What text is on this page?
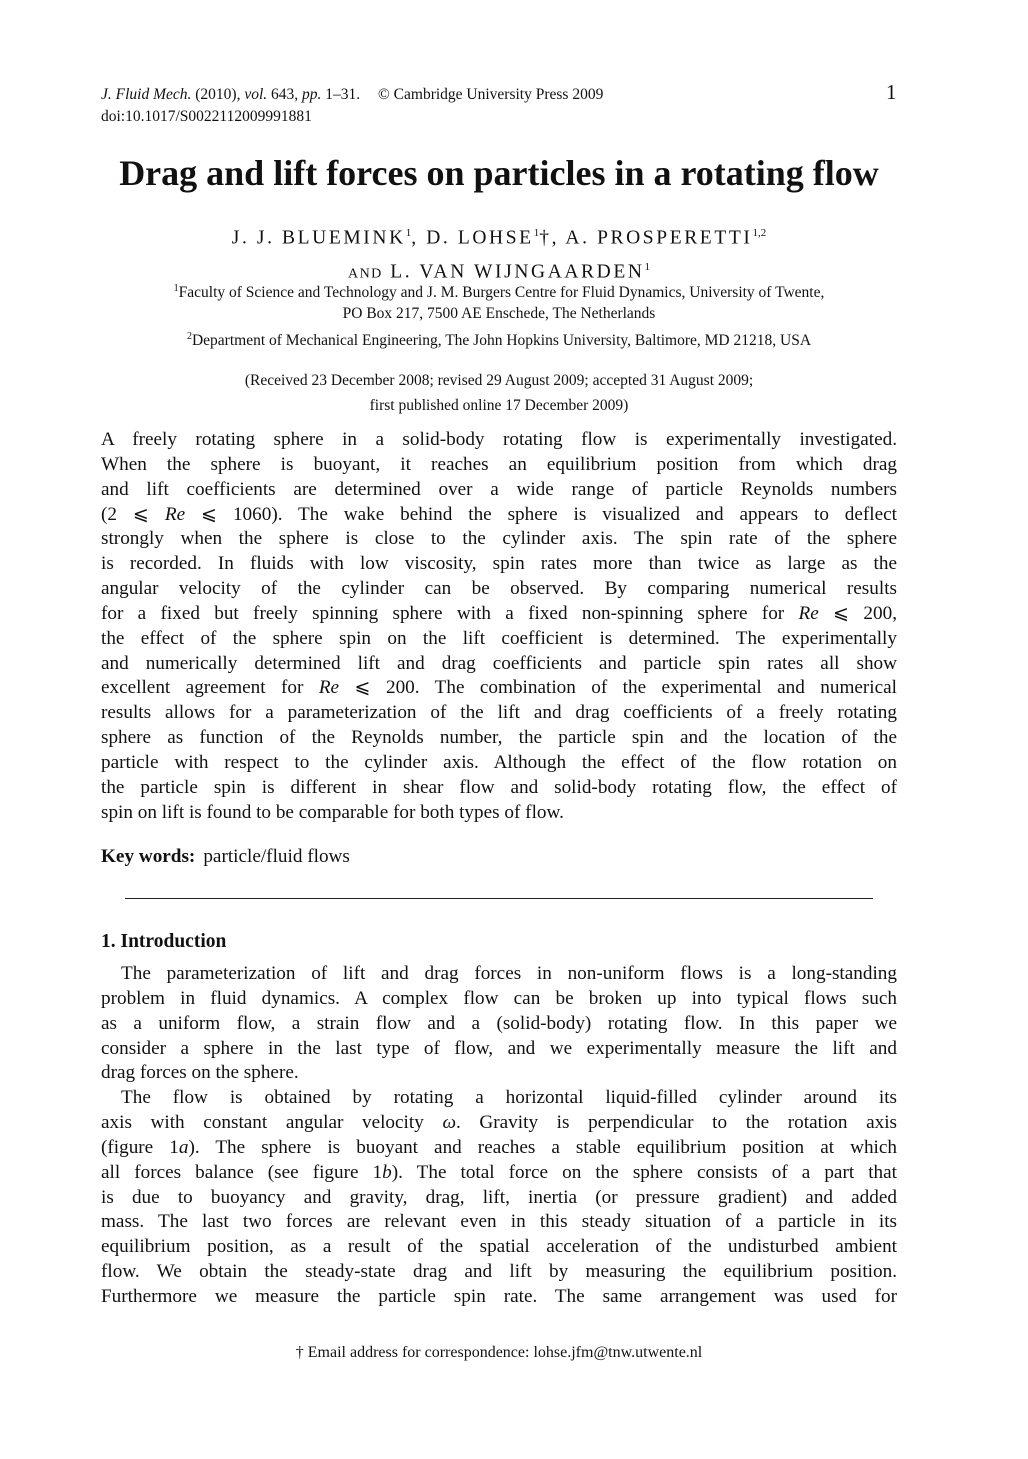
J. Fluid Mech. (2010), vol. 643, pp. 1–31. © Cambridge University Press 2009
doi:10.1017/S0022112009991881
1
Drag and lift forces on particles in a rotating flow
J. J. BLUEMINK$^1$, D. LOHSE$^1$†, A. PROSPERETTI$^{1,2}$
AND L. VAN WIJNGAARDEN$^1$
$^1$Faculty of Science and Technology and J. M. Burgers Centre for Fluid Dynamics, University of Twente,
PO Box 217, 7500 AE Enschede, The Netherlands
$^2$Department of Mechanical Engineering, The John Hopkins University, Baltimore, MD 21218, USA
(Received 23 December 2008; revised 29 August 2009; accepted 31 August 2009;
first published online 17 December 2009)
A freely rotating sphere in a solid-body rotating flow is experimentally investigated.
When the sphere is buoyant, it reaches an equilibrium position from which drag
and lift coefficients are determined over a wide range of particle Reynolds numbers
(2 ⩽ Re ⩽ 1060). The wake behind the sphere is visualized and appears to deflect
strongly when the sphere is close to the cylinder axis. The spin rate of the sphere
is recorded. In fluids with low viscosity, spin rates more than twice as large as the
angular velocity of the cylinder can be observed. By comparing numerical results
for a fixed but freely spinning sphere with a fixed non-spinning sphere for Re ⩽ 200,
the effect of the sphere spin on the lift coefficient is determined. The experimentally
and numerically determined lift and drag coefficients and particle spin rates all show
excellent agreement for Re ⩽ 200. The combination of the experimental and numerical
results allows for a parameterization of the lift and drag coefficients of a freely rotating
sphere as function of the Reynolds number, the particle spin and the location of the
particle with respect to the cylinder axis. Although the effect of the flow rotation on
the particle spin is different in shear flow and solid-body rotating flow, the effect of
spin on lift is found to be comparable for both types of flow.
Key words: particle/fluid flows
1. Introduction
The parameterization of lift and drag forces in non-uniform flows is a long-standing
problem in fluid dynamics. A complex flow can be broken up into typical flows such
as a uniform flow, a strain flow and a (solid-body) rotating flow. In this paper we
consider a sphere in the last type of flow, and we experimentally measure the lift and
drag forces on the sphere.
The flow is obtained by rotating a horizontal liquid-filled cylinder around its
axis with constant angular velocity ω. Gravity is perpendicular to the rotation axis
(figure 1a). The sphere is buoyant and reaches a stable equilibrium position at which
all forces balance (see figure 1b). The total force on the sphere consists of a part that
is due to buoyancy and gravity, drag, lift, inertia (or pressure gradient) and added
mass. The last two forces are relevant even in this steady situation of a particle in its
equilibrium position, as a result of the spatial acceleration of the undisturbed ambient
flow. We obtain the steady-state drag and lift by measuring the equilibrium position.
Furthermore we measure the particle spin rate. The same arrangement was used for
† Email address for correspondence: lohse.jfm@tnw.utwente.nl
